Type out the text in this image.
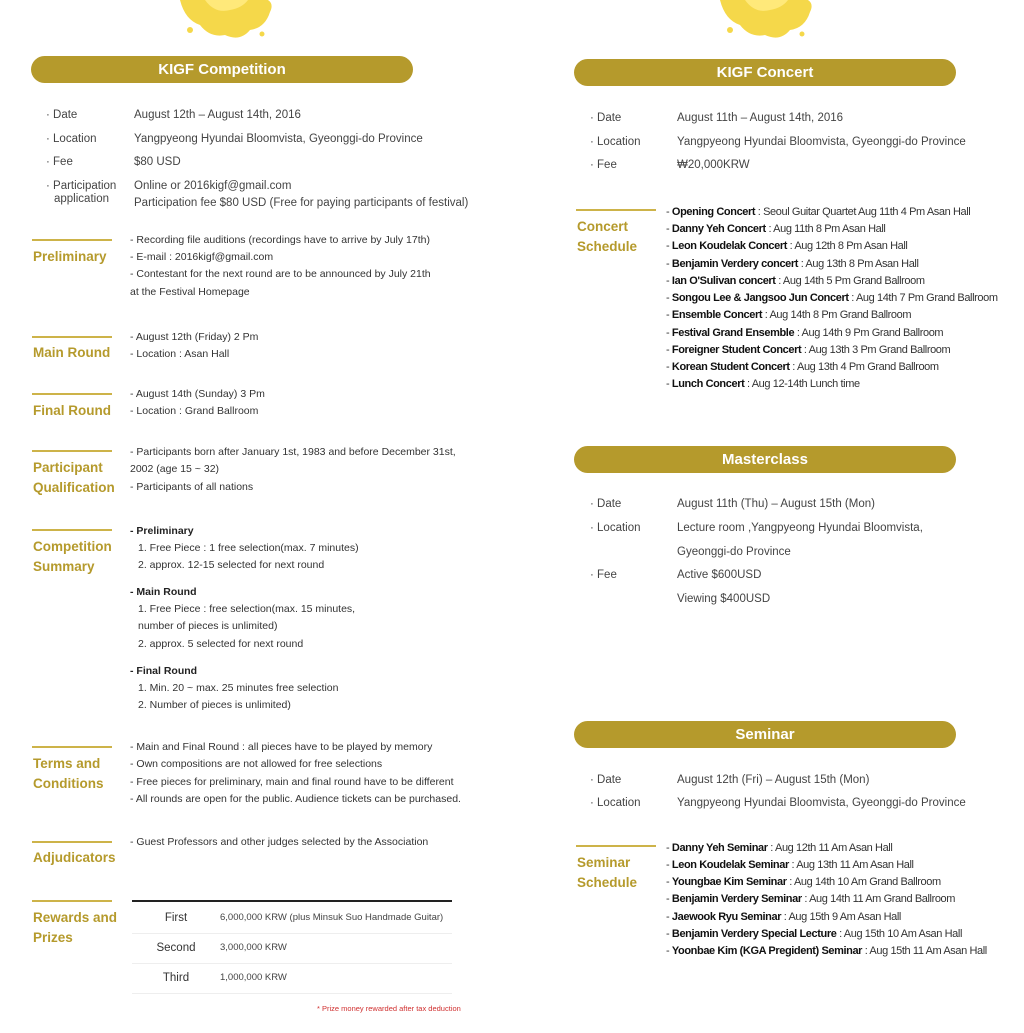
KIGF Competition
· Date	August 12th – August 14th, 2016
· Location	Yangpyeong Hyundai Bloomvista, Gyeonggi-do Province
· Fee	$80 USD
· Participation
application
Online or 2016kigf@gmail.com
Participation fee $80 USD (Free for paying participants of festival)
Preliminary
- Recording file auditions (recordings have to arrive by July 17th)
- E-mail : 2016kigf@gmail.com
- Contestant for the next round are to be announced by July 21th
at the Festival Homepage
Main Round
- August 12th (Friday) 2 Pm
- Location : Asan Hall
Final Round
- August 14th (Sunday) 3 Pm
- Location : Grand Ballroom
Participant
Qualification
- Participants born after January 1st, 1983 and before December 31st,
2002 (age 15 ~ 32)
- Participants of all nations
Competition
Summary
- Preliminary
1. Free Piece : 1 free selection(max. 7 minutes)
2. approx. 12-15 selected for next round
- Main Round
1. Free Piece : free selection(max. 15 minutes,
number of pieces is unlimited)
2. approx. 5 selected for next round
- Final Round
1. Min. 20 ~ max. 25 minutes free selection
2. Number of pieces is unlimited)
Terms and
Conditions
- Main and Final Round : all pieces have to be played by memory
- Own compositions are not allowed for free selections
- Free pieces for preliminary, main and final round have to be different
- All rounds are open for the public. Audience tickets can be purchased.
Adjudicators
- Guest Professors and other judges selected by the Association
Rewards and
Prizes
First	6,000,000 KRW (plus Minsuk Suo Handmade Guitar)
Second	3,000,000 KRW
Third	1,000,000 KRW
* Prize money rewarded after tax deduction
KIGF Concert
· Date	August 11th – August 14th, 2016
· Location	Yangpyeong Hyundai Bloomvista, Gyeonggi-do Province
· Fee	₩20,000KRW
Concert
Schedule
- Opening Concert : Seoul Guitar Quartet Aug 11th 4 Pm Asan Hall
- Danny Yeh Concert : Aug 11th 8 Pm Asan Hall
- Leon Koudelak Concert : Aug 12th 8 Pm Asan Hall
- Benjamin Verdery concert : Aug 13th 8 Pm Asan Hall
- Ian O'Sulivan concert : Aug 14th 5 Pm Grand Ballroom
- Songou Lee & Jangsoo Jun Concert : Aug 14th 7 Pm Grand Ballroom
- Ensemble Concert : Aug 14th 8 Pm Grand Ballroom
- Festival Grand Ensemble : Aug 14th 9 Pm Grand Ballroom
- Foreigner Student Concert : Aug 13th 3 Pm Grand Ballroom
- Korean Student Concert : Aug 13th 4 Pm Grand Ballroom
- Lunch Concert : Aug 12-14th Lunch time
Masterclass
· Date	August 11th (Thu) – August 15th (Mon)
· Location	Lecture room ,Yangpyeong Hyundai Bloomvista,
Gyeonggi-do Province
· Fee	Active $600USD
Viewing $400USD
Seminar
· Date	August 12th (Fri) – August 15th (Mon)
· Location	Yangpyeong Hyundai Bloomvista, Gyeonggi-do Province
Seminar
Schedule
- Danny Yeh Seminar : Aug 12th 11 Am Asan Hall
- Leon Koudelak Seminar : Aug 13th 11 Am Asan Hall
- Youngbae Kim Seminar : Aug 14th 10 Am Grand Ballroom
- Benjamin Verdery Seminar : Aug 14th 11 Am Grand Ballroom
- Jaewook Ryu Seminar : Aug 15th 9 Am Asan Hall
- Benjamin Verdery Special Lecture : Aug 15th 10 Am Asan Hall
- Yoonbae Kim (KGA Pregident) Seminar : Aug 15th 11 Am Asan Hall
